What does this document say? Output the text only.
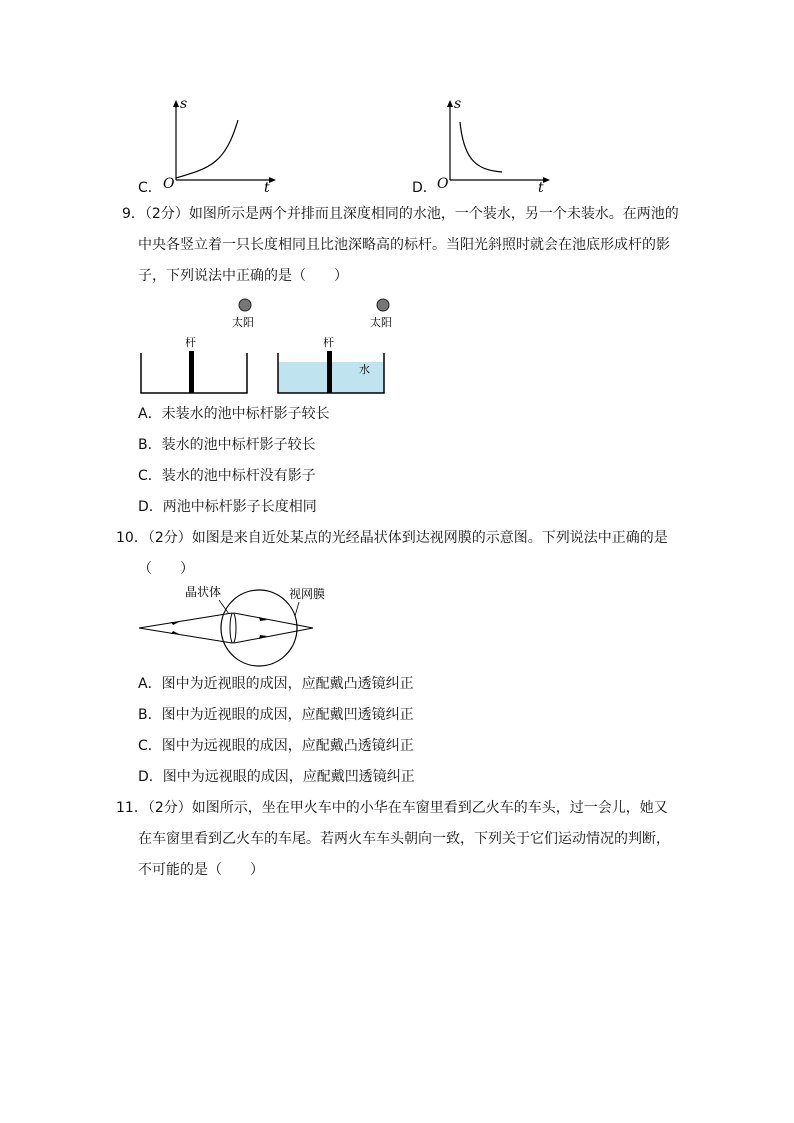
C．
s
t
O	D．
s
t
O
9．（2分）如图所示是两个并排而且深度相同的水池，一个装水，另一个未装水。在两池的
中央各竖立着一只长度相同且比池深略高的标杆。当阳光斜照时就会在池底形成杆的影
子，下列说法中正确的是（　　）
太阳	太阳
杆	杆
水
A．未装水的池中标杆影子较长
B．装水的池中标杆影子较长
C．装水的池中标杆没有影子
D．两池中标杆影子长度相同
10．（2分）如图是来自近处某点的光经晶状体到达视网膜的示意图。下列说法中正确的是
（　　）
晶状体	视网膜
A．图中为近视眼的成因，应配戴凸透镜纠正
B．图中为近视眼的成因，应配戴凹透镜纠正
C．图中为远视眼的成因，应配戴凸透镜纠正
D．图中为远视眼的成因，应配戴凹透镜纠正
11．（2分）如图所示，坐在甲火车中的小华在车窗里看到乙火车的车头，过一会儿，她又
在车窗里看到乙火车的车尾。若两火车车头朝向一致，下列关于它们运动情况的判断，
不可能的是（　　）
